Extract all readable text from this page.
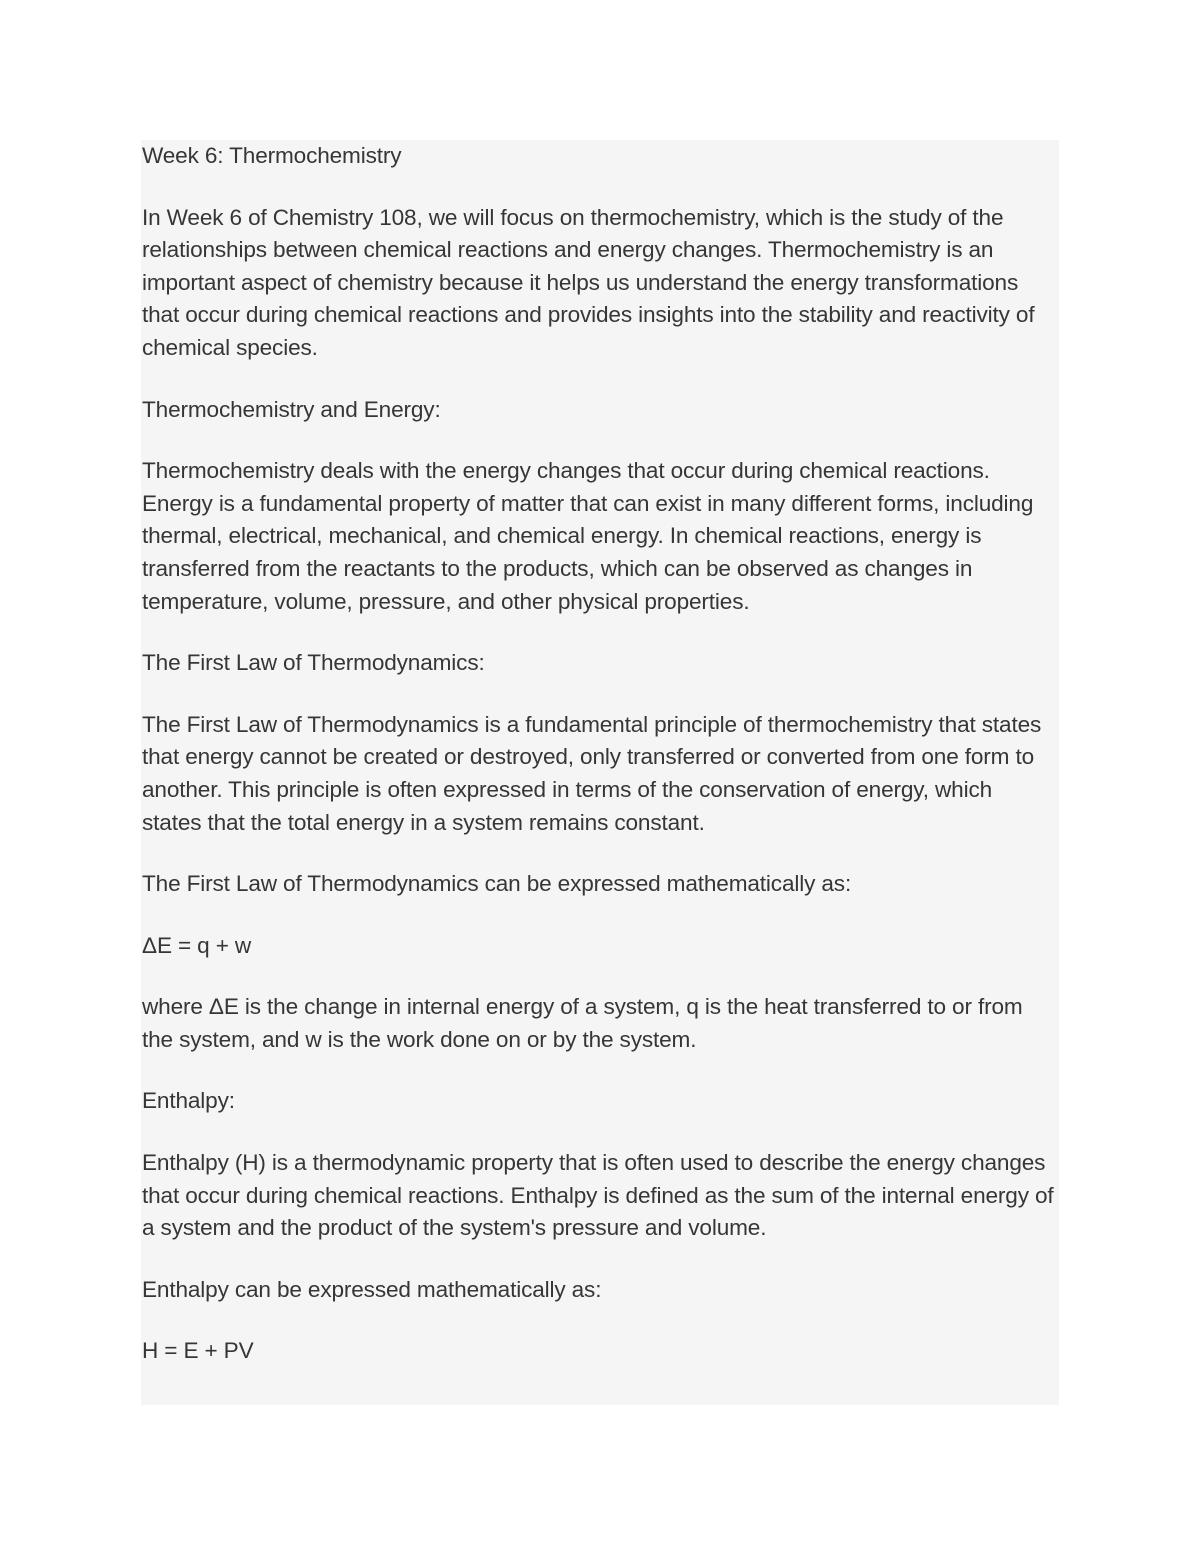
Week 6: Thermochemistry

In Week 6 of Chemistry 108, we will focus on thermochemistry, which is the study of the relationships between chemical reactions and energy changes. Thermochemistry is an important aspect of chemistry because it helps us understand the energy transformations that occur during chemical reactions and provides insights into the stability and reactivity of chemical species.

Thermochemistry and Energy:

Thermochemistry deals with the energy changes that occur during chemical reactions. Energy is a fundamental property of matter that can exist in many different forms, including thermal, electrical, mechanical, and chemical energy. In chemical reactions, energy is transferred from the reactants to the products, which can be observed as changes in temperature, volume, pressure, and other physical properties.

The First Law of Thermodynamics:

The First Law of Thermodynamics is a fundamental principle of thermochemistry that states that energy cannot be created or destroyed, only transferred or converted from one form to another. This principle is often expressed in terms of the conservation of energy, which states that the total energy in a system remains constant.

The First Law of Thermodynamics can be expressed mathematically as:

ΔE = q + w

where ΔE is the change in internal energy of a system, q is the heat transferred to or from the system, and w is the work done on or by the system.

Enthalpy:

Enthalpy (H) is a thermodynamic property that is often used to describe the energy changes that occur during chemical reactions. Enthalpy is defined as the sum of the internal energy of a system and the product of the system's pressure and volume.

Enthalpy can be expressed mathematically as:

H = E + PV
